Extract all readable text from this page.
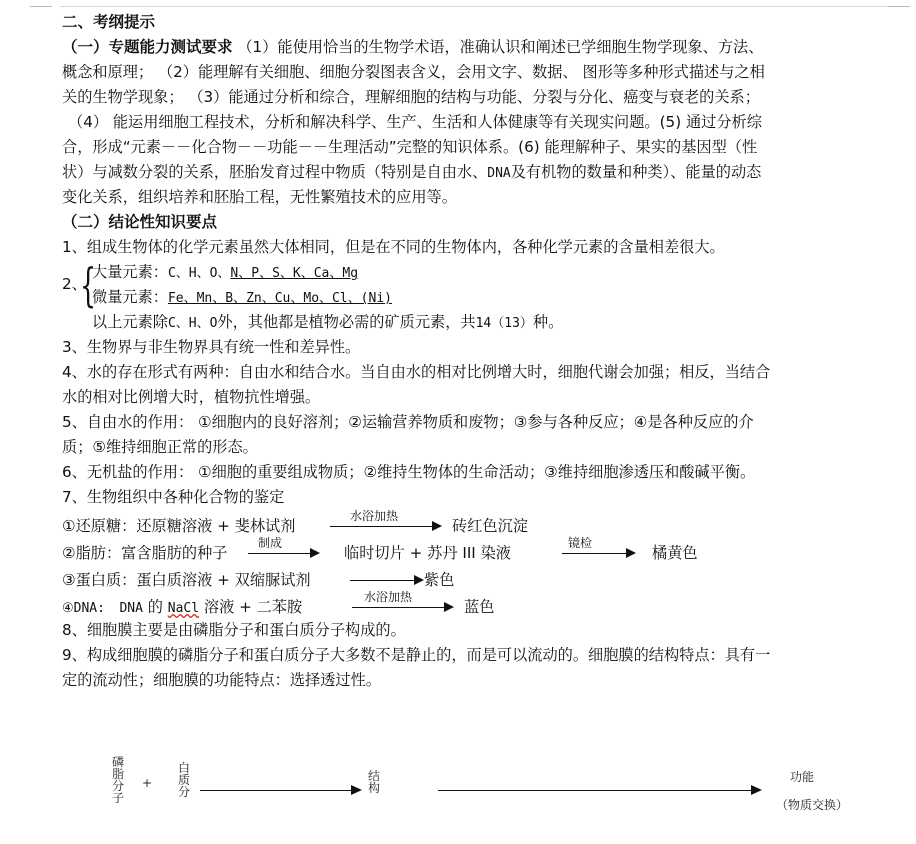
二、考纲提示
（一）专题能力测试要求 （1）能使用恰当的生物学术语，准确认识和阐述已学细胞生物学现象、方法、
概念和原理； （2）能理解有关细胞、细胞分裂图表含义，会用文字、数据、 图形等多种形式描述与之相
关的生物学现象； （3）能通过分析和综合，理解细胞的结构与功能、分裂与分化、癌变与衰老的关系；
（4） 能运用细胞工程技术，分析和解决科学、生产、生活和人体健康等有关现实问题。(5) 通过分析综
合，形成“元素－－化合物－－功能－－生理活动”完整的知识体系。(6) 能理解种子、果实的基因型（性
状）与减数分裂的关系，胚胎发育过程中物质（特别是自由水、DNA及有机物的数量和种类）、能量的动态
变化关系，组织培养和胚胎工程，无性繁殖技术的应用等。
（二）结论性知识要点
1、组成生物体的化学元素虽然大体相同，但是在不同的生物体内，各种化学元素的含量相差很大。
2、
{
大量元素：C、H、O、N、P、S、K、Ca、Mg
微量元素：Fe、Mn、B、Zn、Cu、Mo、Cl、(Ni)
以上元素除C、H、O外，其他都是植物必需的矿质元素，共14（13）种。
3、生物界与非生物界具有统一性和差异性。
4、水的存在形式有两种：自由水和结合水。当自由水的相对比例增大时，细胞代谢会加强；相反，当结合
水的相对比例增大时，植物抗性增强。
5、自由水的作用： ①细胞内的良好溶剂；②运输营养物质和废物；③参与各种反应；④是各种反应的介
质；⑤维持细胞正常的形态。
6、无机盐的作用： ①细胞的重要组成物质；②维持生物体的生命活动；③维持细胞渗透压和酸碱平衡。
7、生物组织中各种化合物的鉴定
①还原糖：还原糖溶液 + 斐林试剂
水浴加热
砖红色沉淀
②脂肪：富含脂肪的种子
制成
临时切片 + 苏丹 III 染液
镜检
橘黄色
③蛋白质：蛋白质溶液 + 双缩脲试剂	紫色
④DNA: DNA 的 NaCl 溶液 + 二苯胺
水浴加热
蓝色
8、细胞膜主要是由磷脂分子和蛋白质分子构成的。
9、构成细胞膜的磷脂分子和蛋白质分子大多数不是静止的，而是可以流动的。细胞膜的结构特点：具有一
定的流动性；细胞膜的功能特点：选择透过性。
磷
脂
分
子
+
白
质
分
结
构
功能
（物质交换）
